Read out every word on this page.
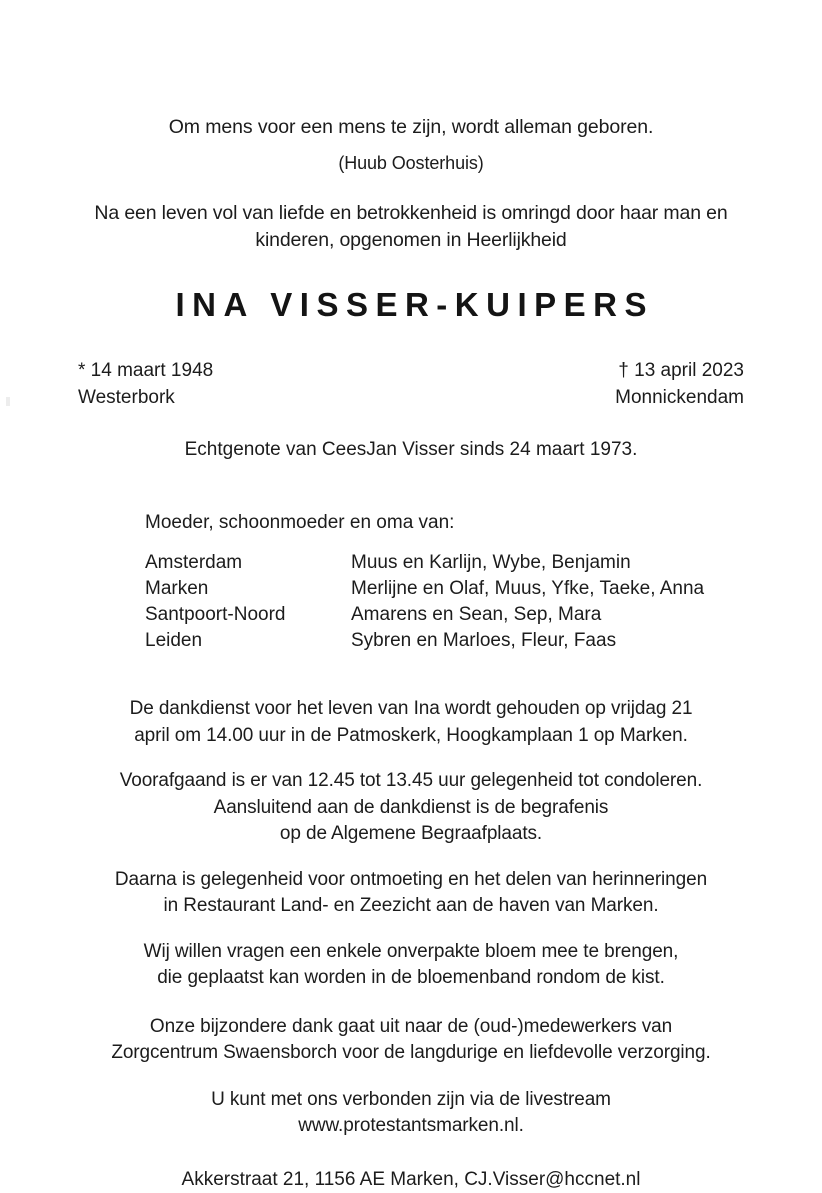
Om mens voor een mens te zijn, wordt alleman geboren.
(Huub Oosterhuis)
Na een leven vol van liefde en betrokkenheid is omringd door haar man en kinderen, opgenomen in Heerlijkheid
INA VISSER-KUIPERS
* 14 maart 1948
Westerbork
† 13 april 2023
Monnickendam
Echtgenote van CeesJan Visser sinds 24 maart 1973.
Moeder, schoonmoeder en oma van:
Amsterdam	Muus en Karlijn, Wybe, Benjamin
Marken	Merlijne en Olaf, Muus, Yfke, Taeke, Anna
Santpoort-Noord	Amarens en Sean, Sep, Mara
Leiden	Sybren en Marloes, Fleur, Faas

De dankdienst voor het leven van Ina wordt gehouden op vrijdag 21
april om 14.00 uur in de Patmoskerk, Hoogkamplaan 1 op Marken.

Voorafgaand is er van 12.45 tot 13.45 uur gelegenheid tot condoleren.
Aansluitend aan de dankdienst is de begrafenis
op de Algemene Begraafplaats.

Daarna is gelegenheid voor ontmoeting en het delen van herinneringen
in Restaurant Land- en Zeezicht aan de haven van Marken.

Wij willen vragen een enkele onverpakte bloem mee te brengen,
die geplaatst kan worden in de bloemenband rondom de kist.

Onze bijzondere dank gaat uit naar de (oud-)medewerkers van
Zorgcentrum Swaensborch voor de langdurige en liefdevolle verzorging.

U kunt met ons verbonden zijn via de livestream
www.protestantsmarken.nl.

Akkerstraat 21, 1156 AE Marken, CJ.Visser@hccnet.nl
